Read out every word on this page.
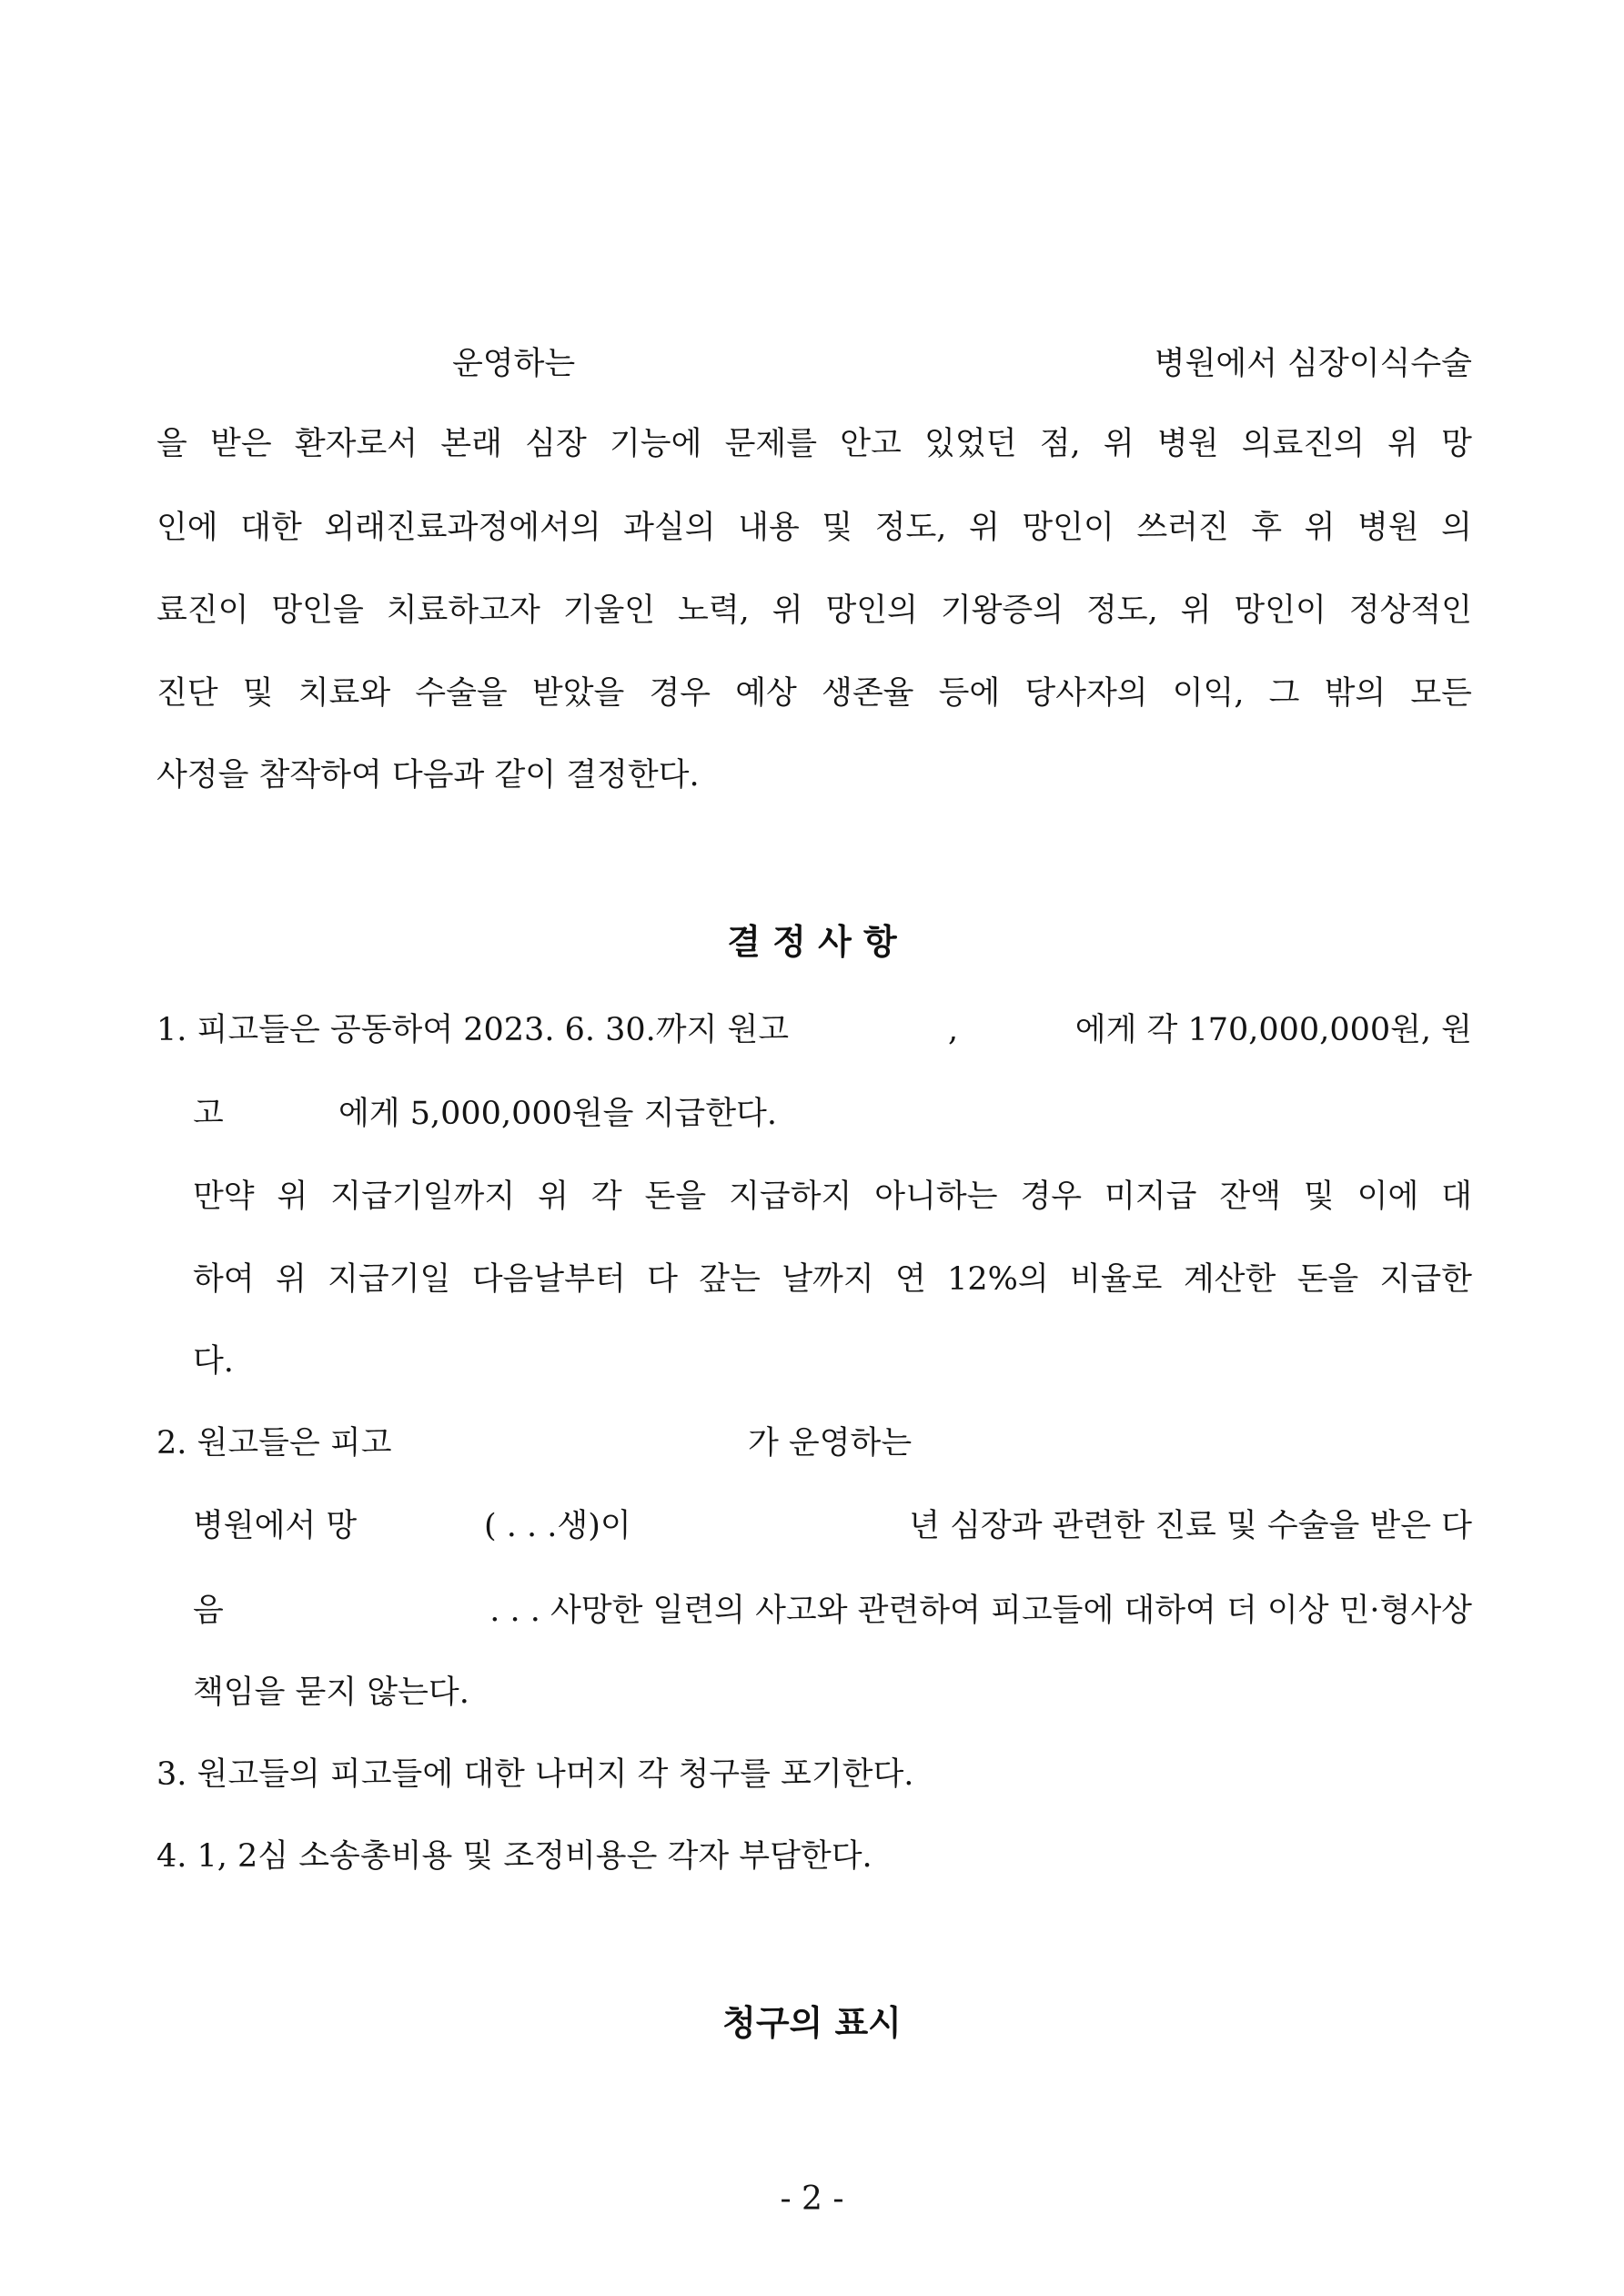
운영하는	병원에서 심장이식수술
을 받은 환자로서 본래 심장 기능에 문제를 안고 있었던 점, 위 병원 의료진의 위 망
인에 대한 외래진료과정에서의 과실의 내용 및 정도, 위 망인이 쓰러진 후 위 병원 의
료진이 망인을 치료하고자 기울인 노력, 위 망인의 기왕증의 정도, 위 망인이 정상적인
진단 및 치료와 수술을 받았을 경우 예상 생존율 등에 당사자의 이익, 그 밖의 모든
사정을 참작하여 다음과 같이 결정한다.
결 정 사 항
1. 피고들은 공동하여 2023. 6. 30.까지 원고	,	에게 각 170,000,000원, 원
고	에게 5,000,000원을 지급한다.
만약 위 지급기일까지 위 각 돈을 지급하지 아니하는 경우 미지급 잔액 및 이에 대
하여 위 지급기일 다음날부터 다 갚는 날까지 연 12%의 비율로 계산한 돈을 지급한
다.
2. 원고들은 피고	가 운영하는
병원에서 망	( . . .생)이	년 심장과 관련한 진료 및 수술을 받은 다
음	. . . 사망한 일련의 사고와 관련하여 피고들에 대하여 더 이상 민·형사상
책임을 묻지 않는다.
3. 원고들의 피고들에 대한 나머지 각 청구를 포기한다.
4. 1, 2심 소송총비용 및 조정비용은 각자 부담한다.
청구의 표시
- 2 -
